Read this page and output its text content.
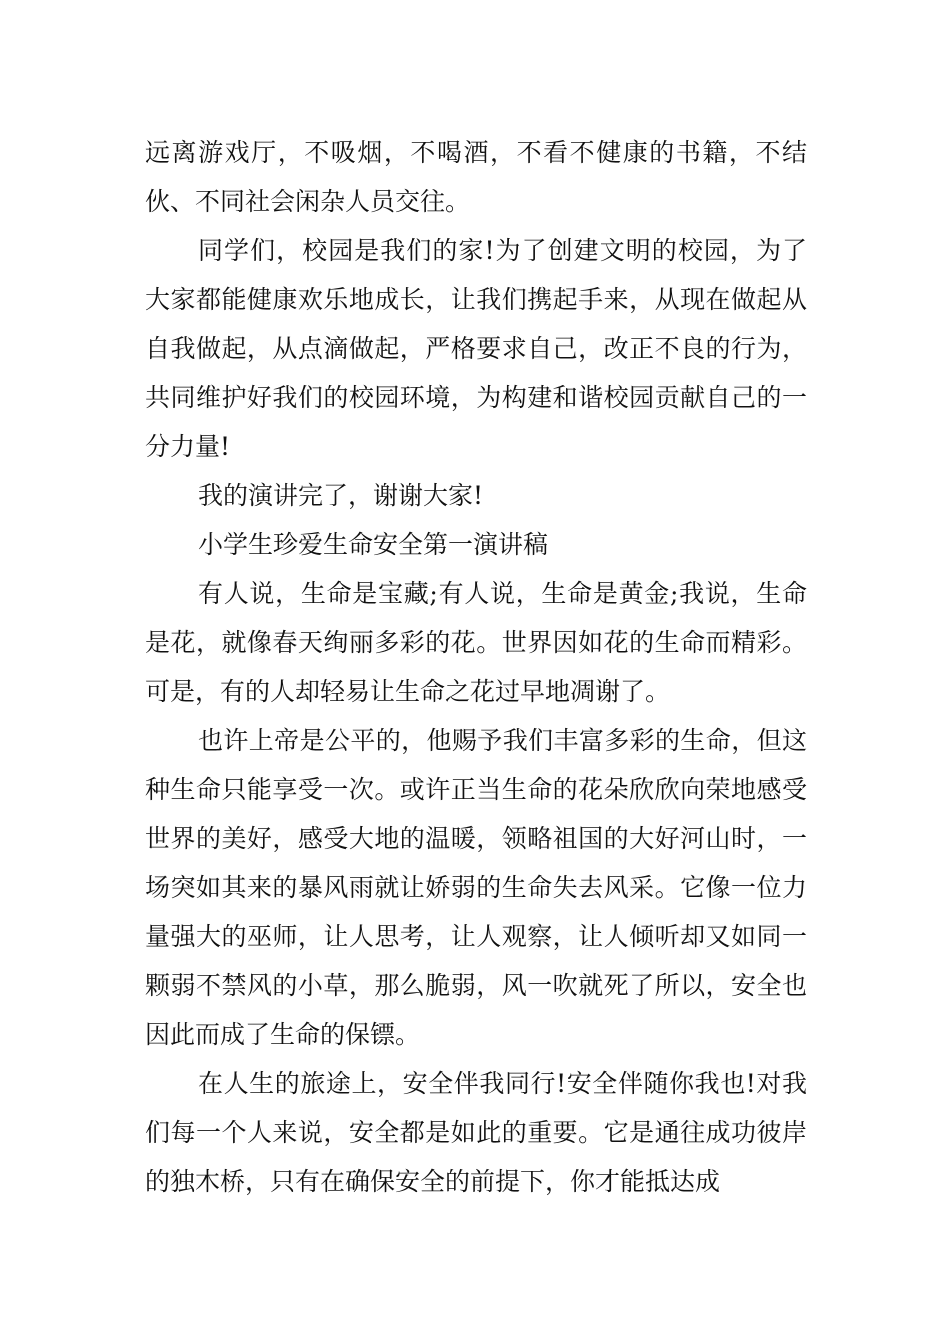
远离游戏厅，不吸烟，不喝酒，不看不健康的书籍，不结伙、不同社会闲杂人员交往。

同学们，校园是我们的家!为了创建文明的校园，为了大家都能健康欢乐地成长，让我们携起手来，从现在做起从自我做起，从点滴做起，严格要求自己，改正不良的行为，共同维护好我们的校园环境，为构建和谐校园贡献自己的一分力量!

我的演讲完了，谢谢大家!

小学生珍爱生命安全第一演讲稿

有人说，生命是宝藏;有人说，生命是黄金;我说，生命是花，就像春天绚丽多彩的花。世界因如花的生命而精彩。可是，有的人却轻易让生命之花过早地凋谢了。

也许上帝是公平的，他赐予我们丰富多彩的生命，但这种生命只能享受一次。或许正当生命的花朵欣欣向荣地感受世界的美好，感受大地的温暖，领略祖国的大好河山时，一场突如其来的暴风雨就让娇弱的生命失去风采。它像一位力量强大的巫师，让人思考，让人观察，让人倾听却又如同一颗弱不禁风的小草，那么脆弱，风一吹就死了所以，安全也因此而成了生命的保镖。

在人生的旅途上，安全伴我同行!安全伴随你我也!对我们每一个人来说，安全都是如此的重要。它是通往成功彼岸的独木桥，只有在确保安全的前提下，你才能抵达成
